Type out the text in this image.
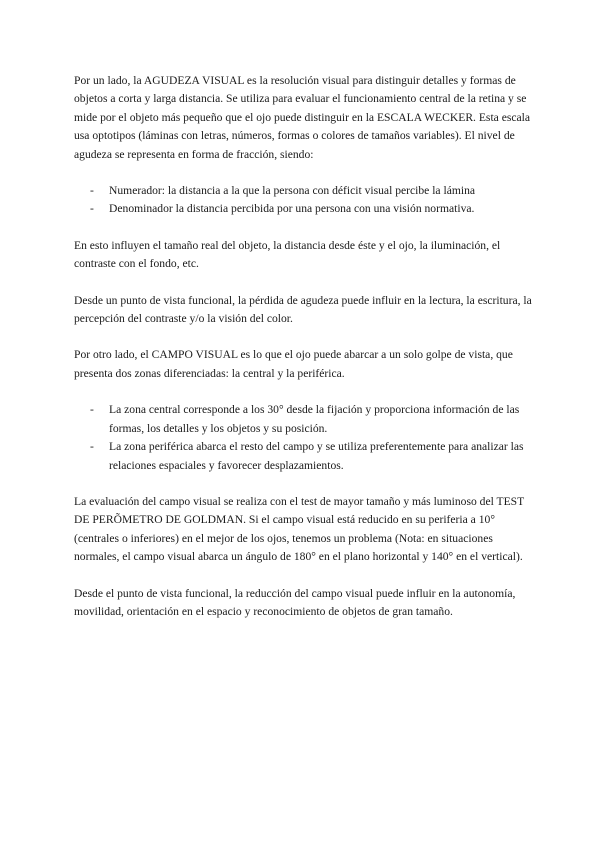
Por un lado, la AGUDEZA VISUAL es la resolución visual para distinguir detalles y formas de objetos a corta y larga distancia. Se utiliza para evaluar el funcionamiento central de la retina y se mide por el objeto más pequeño que el ojo puede distinguir en la ESCALA WECKER. Esta escala usa optotipos (láminas con letras, números, formas o colores de tamaños variables). El nivel de agudeza se representa en forma de fracción, siendo:

- Numerador: la distancia a la que la persona con déficit visual percibe la lámina
- Denominador la distancia percibida por una persona con una visión normativa.

En esto influyen el tamaño real del objeto, la distancia desde éste y el ojo, la iluminación, el contraste con el fondo, etc.

Desde un punto de vista funcional, la pérdida de agudeza puede influir en la lectura, la escritura, la percepción del contraste y/o la visión del color.

Por otro lado, el CAMPO VISUAL es lo que el ojo puede abarcar a un solo golpe de vista, que presenta dos zonas diferenciadas: la central y la periférica.

- La zona central corresponde a los 30° desde la fijación y proporciona información de las formas, los detalles y los objetos y su posición.
- La zona periférica abarca el resto del campo y se utiliza preferentemente para analizar las relaciones espaciales y favorecer desplazamientos.

La evaluación del campo visual se realiza con el test de mayor tamaño y más luminoso del TEST DE PERÕMETRO DE GOLDMAN. Si el campo visual está reducido en su periferia a 10° (centrales o inferiores) en el mejor de los ojos, tenemos un problema (Nota: en situaciones normales, el campo visual abarca un ángulo de 180° en el plano horizontal y 140° en el vertical).

Desde el punto de vista funcional, la reducción del campo visual puede influir en la autonomía, movilidad, orientación en el espacio y reconocimiento de objetos de gran tamaño.
